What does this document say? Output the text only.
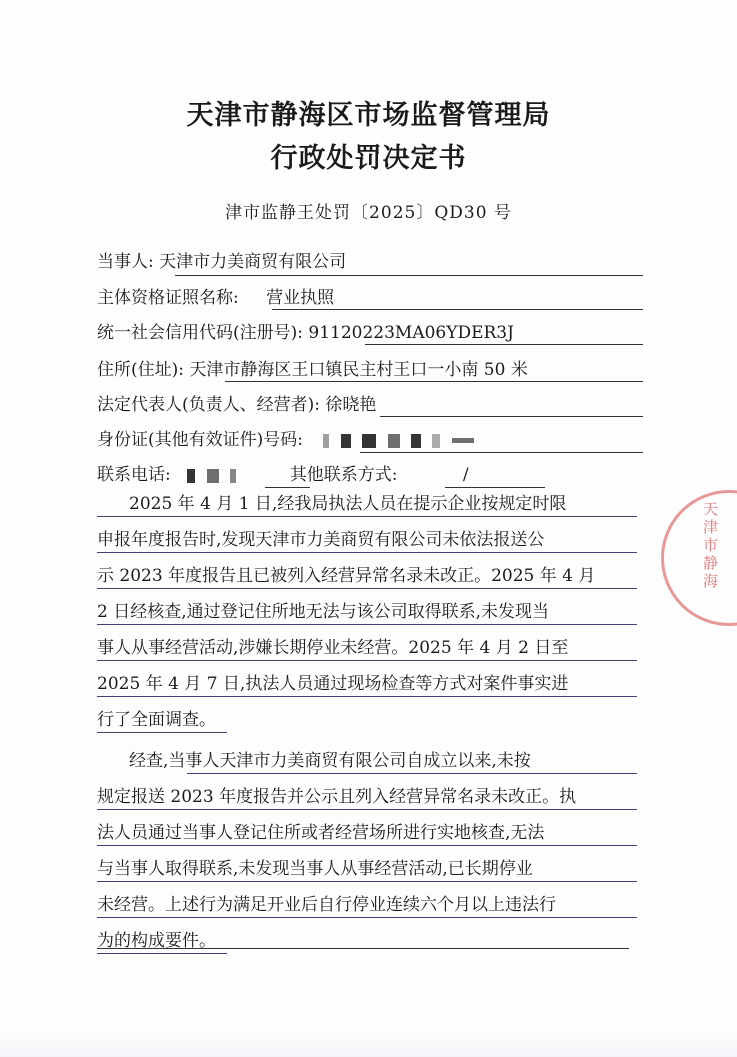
天津市静海区市场监督管理局
行政处罚决定书
津市监静王处罚〔2025〕QD30 号
当事人: 天津市力美商贸有限公司
主体资格证照名称: 营业执照
统一社会信用代码(注册号): 91120223MA06YDER3J
住所(住址): 天津市静海区王口镇民主村王口一小南 50 米
法定代表人(负责人、经营者): 徐晓艳
身份证(其他有效证件)号码:
联系电话:	其他联系方式:	/
2025 年 4 月 1 日,经我局执法人员在提示企业按规定时限
申报年度报告时,发现天津市力美商贸有限公司未依法报送公
示 2023 年度报告且已被列入经营异常名录未改正。2025 年 4 月
2 日经核查,通过登记住所地无法与该公司取得联系,未发现当
事人从事经营活动,涉嫌长期停业未经营。2025 年 4 月 2 日至
2025 年 4 月 7 日,执法人员通过现场检查等方式对案件事实进
行了全面调查。
经查,当事人天津市力美商贸有限公司自成立以来,未按
规定报送 2023 年度报告并公示且列入经营异常名录未改正。执
法人员通过当事人登记住所或者经营场所进行实地核查,无法
与当事人取得联系,未发现当事人从事经营活动,已长期停业
未经营。上述行为满足开业后自行停业连续六个月以上违法行
为的构成要件。
天津市静海
